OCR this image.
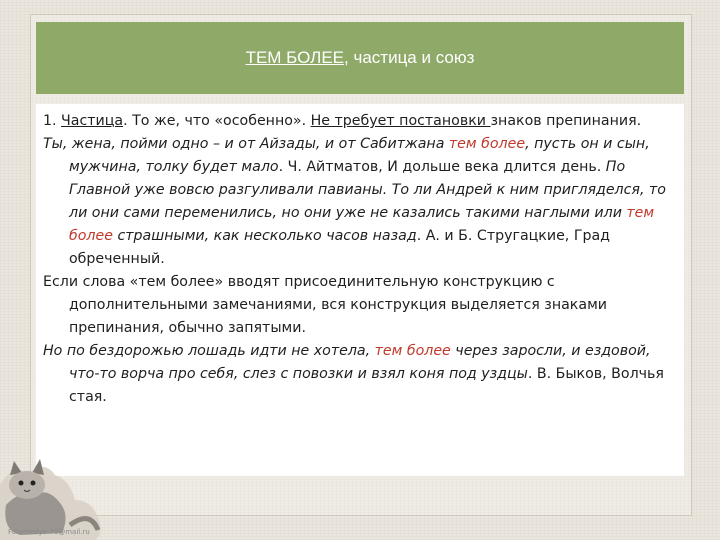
ТЕМ БОЛЕЕ, частица и союз

1. Частица. То же, что «особенно». Не требует постановки знаков препинания.

Ты, жена, пойми одно – и от Айзады, и от Сабитжана тем более, пусть он и сын, мужчина, толку будет мало. Ч. Айтматов, И дольше века длится день. По Главной уже вовсю разгуливали павианы. То ли Андрей к ним пригляделся, то ли они сами переменились, но они уже не казались такими наглыми или тем более страшными, как несколько часов назад. А. и Б. Стругацкие, Град обреченный.

Если слова «тем более» вводят присоединительную конструкцию с дополнительными замечаниями, вся конструкция выделяется знаками препинания, обычно запятыми.

Но по бездорожью лошадь идти не хотела, тем более через заросли, и ездовой, что-то ворча про себя, слез с повозки и взял коня под уздцы. В. Быков, Волчья стая.

Fotomedya.70@mail.ru
